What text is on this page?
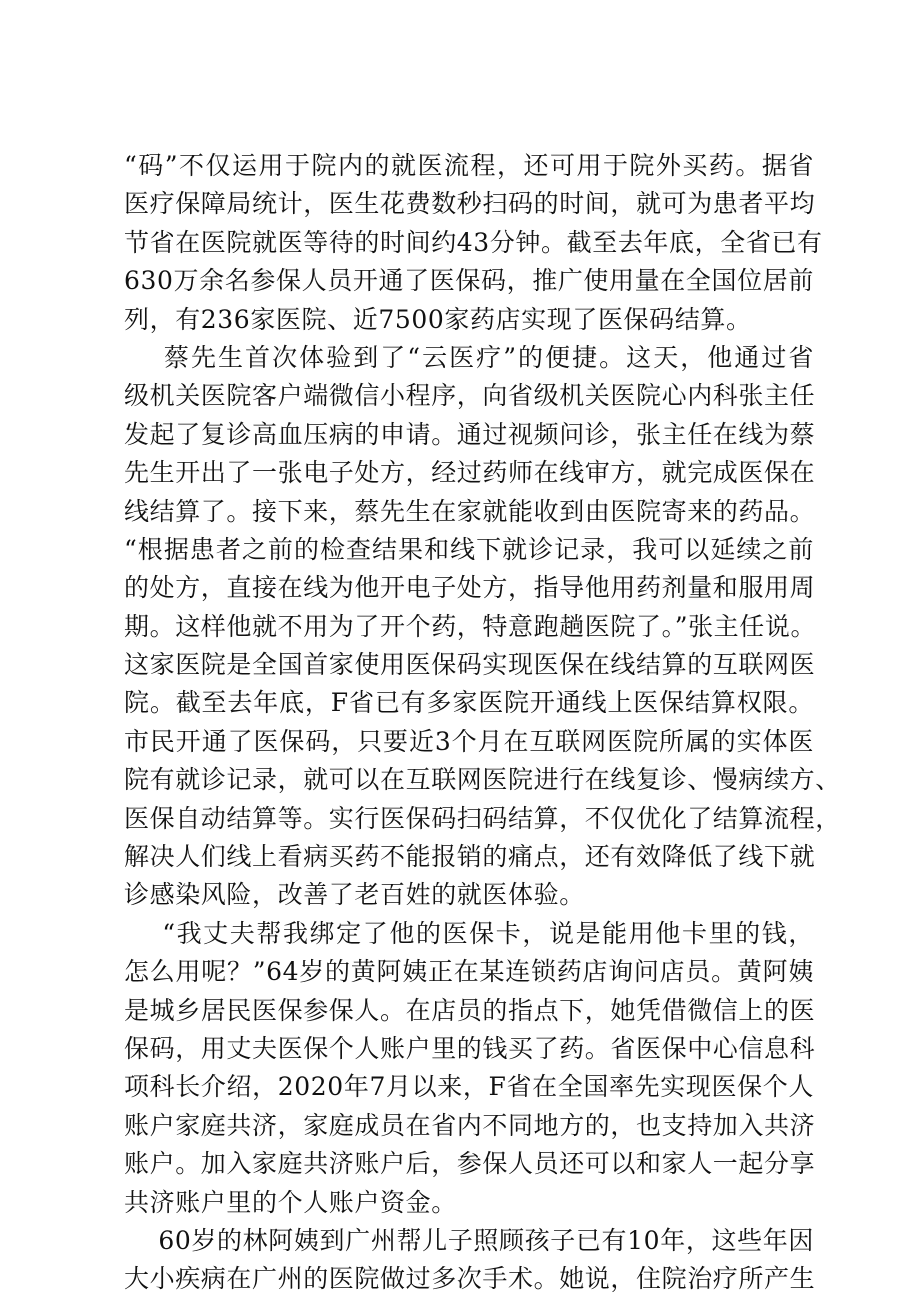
“码”不仅运用于院内的就医流程，还可用于院外买药。据省
医疗保障局统计，医生花费数秒扫码的时间，就可为患者平均
节省在医院就医等待的时间约43分钟。截至去年底，全省已有
630万余名参保人员开通了医保码，推广使用量在全国位居前
列，有236家医院、近7500家药店实现了医保码结算。
蔡先生首次体验到了“云医疗”的便捷。这天，他通过省
级机关医院客户端微信小程序，向省级机关医院心内科张主任
发起了复诊高血压病的申请。通过视频问诊，张主任在线为蔡
先生开出了一张电子处方，经过药师在线审方，就完成医保在
线结算了。接下来，蔡先生在家就能收到由医院寄来的药品。
“根据患者之前的检查结果和线下就诊记录，我可以延续之前
的处方，直接在线为他开电子处方，指导他用药剂量和服用周
期。这样他就不用为了开个药，特意跑趟医院了。”张主任说。
这家医院是全国首家使用医保码实现医保在线结算的互联网医
院。截至去年底，F省已有多家医院开通线上医保结算权限。
市民开通了医保码，只要近3个月在互联网医院所属的实体医
院有就诊记录，就可以在互联网医院进行在线复诊、慢病续方、
医保自动结算等。实行医保码扫码结算，不仅优化了结算流程，
解决人们线上看病买药不能报销的痛点，还有效降低了线下就
诊感染风险，改善了老百姓的就医体验。
“我丈夫帮我绑定了他的医保卡，说是能用他卡里的钱，
怎么用呢？”64岁的黄阿姨正在某连锁药店询问店员。黄阿姨
是城乡居民医保参保人。在店员的指点下，她凭借微信上的医
保码，用丈夫医保个人账户里的钱买了药。省医保中心信息科
项科长介绍，2020年7月以来，F省在全国率先实现医保个人
账户家庭共济，家庭成员在省内不同地方的，也支持加入共济
账户。加入家庭共济账户后，参保人员还可以和家人一起分享
共济账户里的个人账户资金。
60岁的林阿姨到广州帮儿子照顾孩子已有10年，这些年因
大小疾病在广州的医院做过多次手术。她说，住院治疗所产生
